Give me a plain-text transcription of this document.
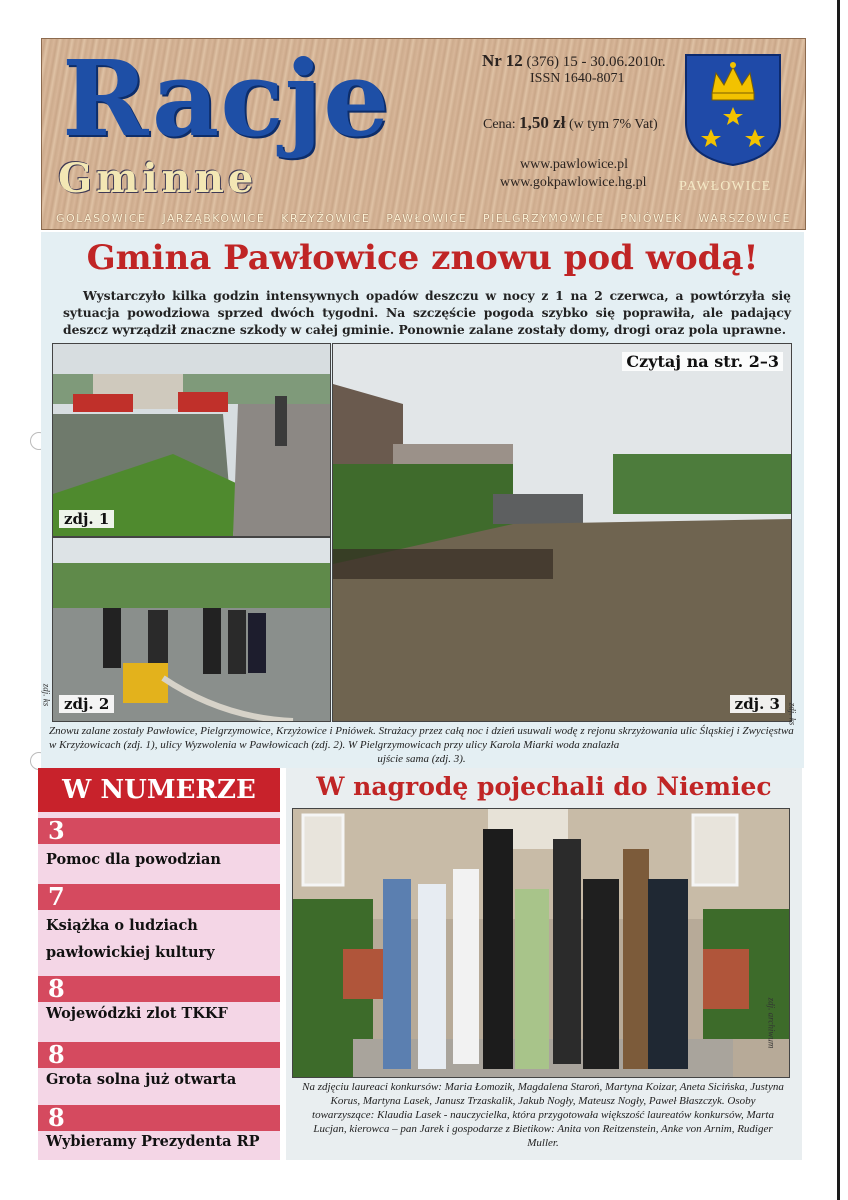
Racje
Gminne
Nr 12 (376) 15 - 30.06.2010r.
ISSN 1640-8071
Cena: 1,50 zł (w tym 7% Vat)
www.pawlowice.pl
www.gokpawlowice.hg.pl PAWŁOWICE
GOLASOWICE JARZĄBKOWICE KRZYŻOWICE PAWŁOWICE PIELGRZYMOWICE PNIÓWEK WARSZOWICE
Gmina Pawłowice znowu pod wodą!
Wystarczyło kilka godzin intensywnych opadów deszczu w nocy z 1 na 2 czerwca, a powtórzyła się sytuacja powodziowa sprzed dwóch tygodni. Na szczęście pogoda szybko się poprawiła, ale padający deszcz wyrządził znaczne szkody w całej gminie. Ponownie zalane zostały domy, drogi oraz pola uprawne.
zdj. 1
zdj. 2
Czytaj na str. 2–3
zdj. 3
zdj. ks
zdj. ks
Znowu zalane zostały Pawłowice, Pielgrzymowice, Krzyżowice i Pniówek. Strażacy przez całą noc i dzień usuwali wodę z rejonu skrzyżowania ulic Śląskiej i Zwycięstwa w Krzyżowicach (zdj. 1), ulicy Wyzwolenia w Pawłowicach (zdj. 2). W Pielgrzymowicach przy ulicy Karola Miarki woda znalazła
ujście sama (zdj. 3).
W NUMERZE
3
Pomoc dla powodzian
7
Książka o ludziach pawłowickiej kultury
8
Wojewódzki zlot TKKF
8
Grota solna już otwarta
8
Wybieramy Prezydenta RP
W nagrodę pojechali do Niemiec
zdj. archiwum
Na zdjęciu laureaci konkursów: Maria Łomozik, Magdalena Staroń, Martyna Koizar, Aneta Sicińska, Justyna Korus, Martyna Lasek, Janusz Trzaskalik, Jakub Nogły, Mateusz Nogły, Paweł Błaszczyk. Osoby towarzyszące: Klaudia Lasek - nauczycielka, która przygotowała większość laureatów konkursów, Marta Lucjan, kierowca – pan Jarek i gospodarze z Bietikow: Anita von Reitzenstein, Anke von Arnim, Rudiger Muller.
